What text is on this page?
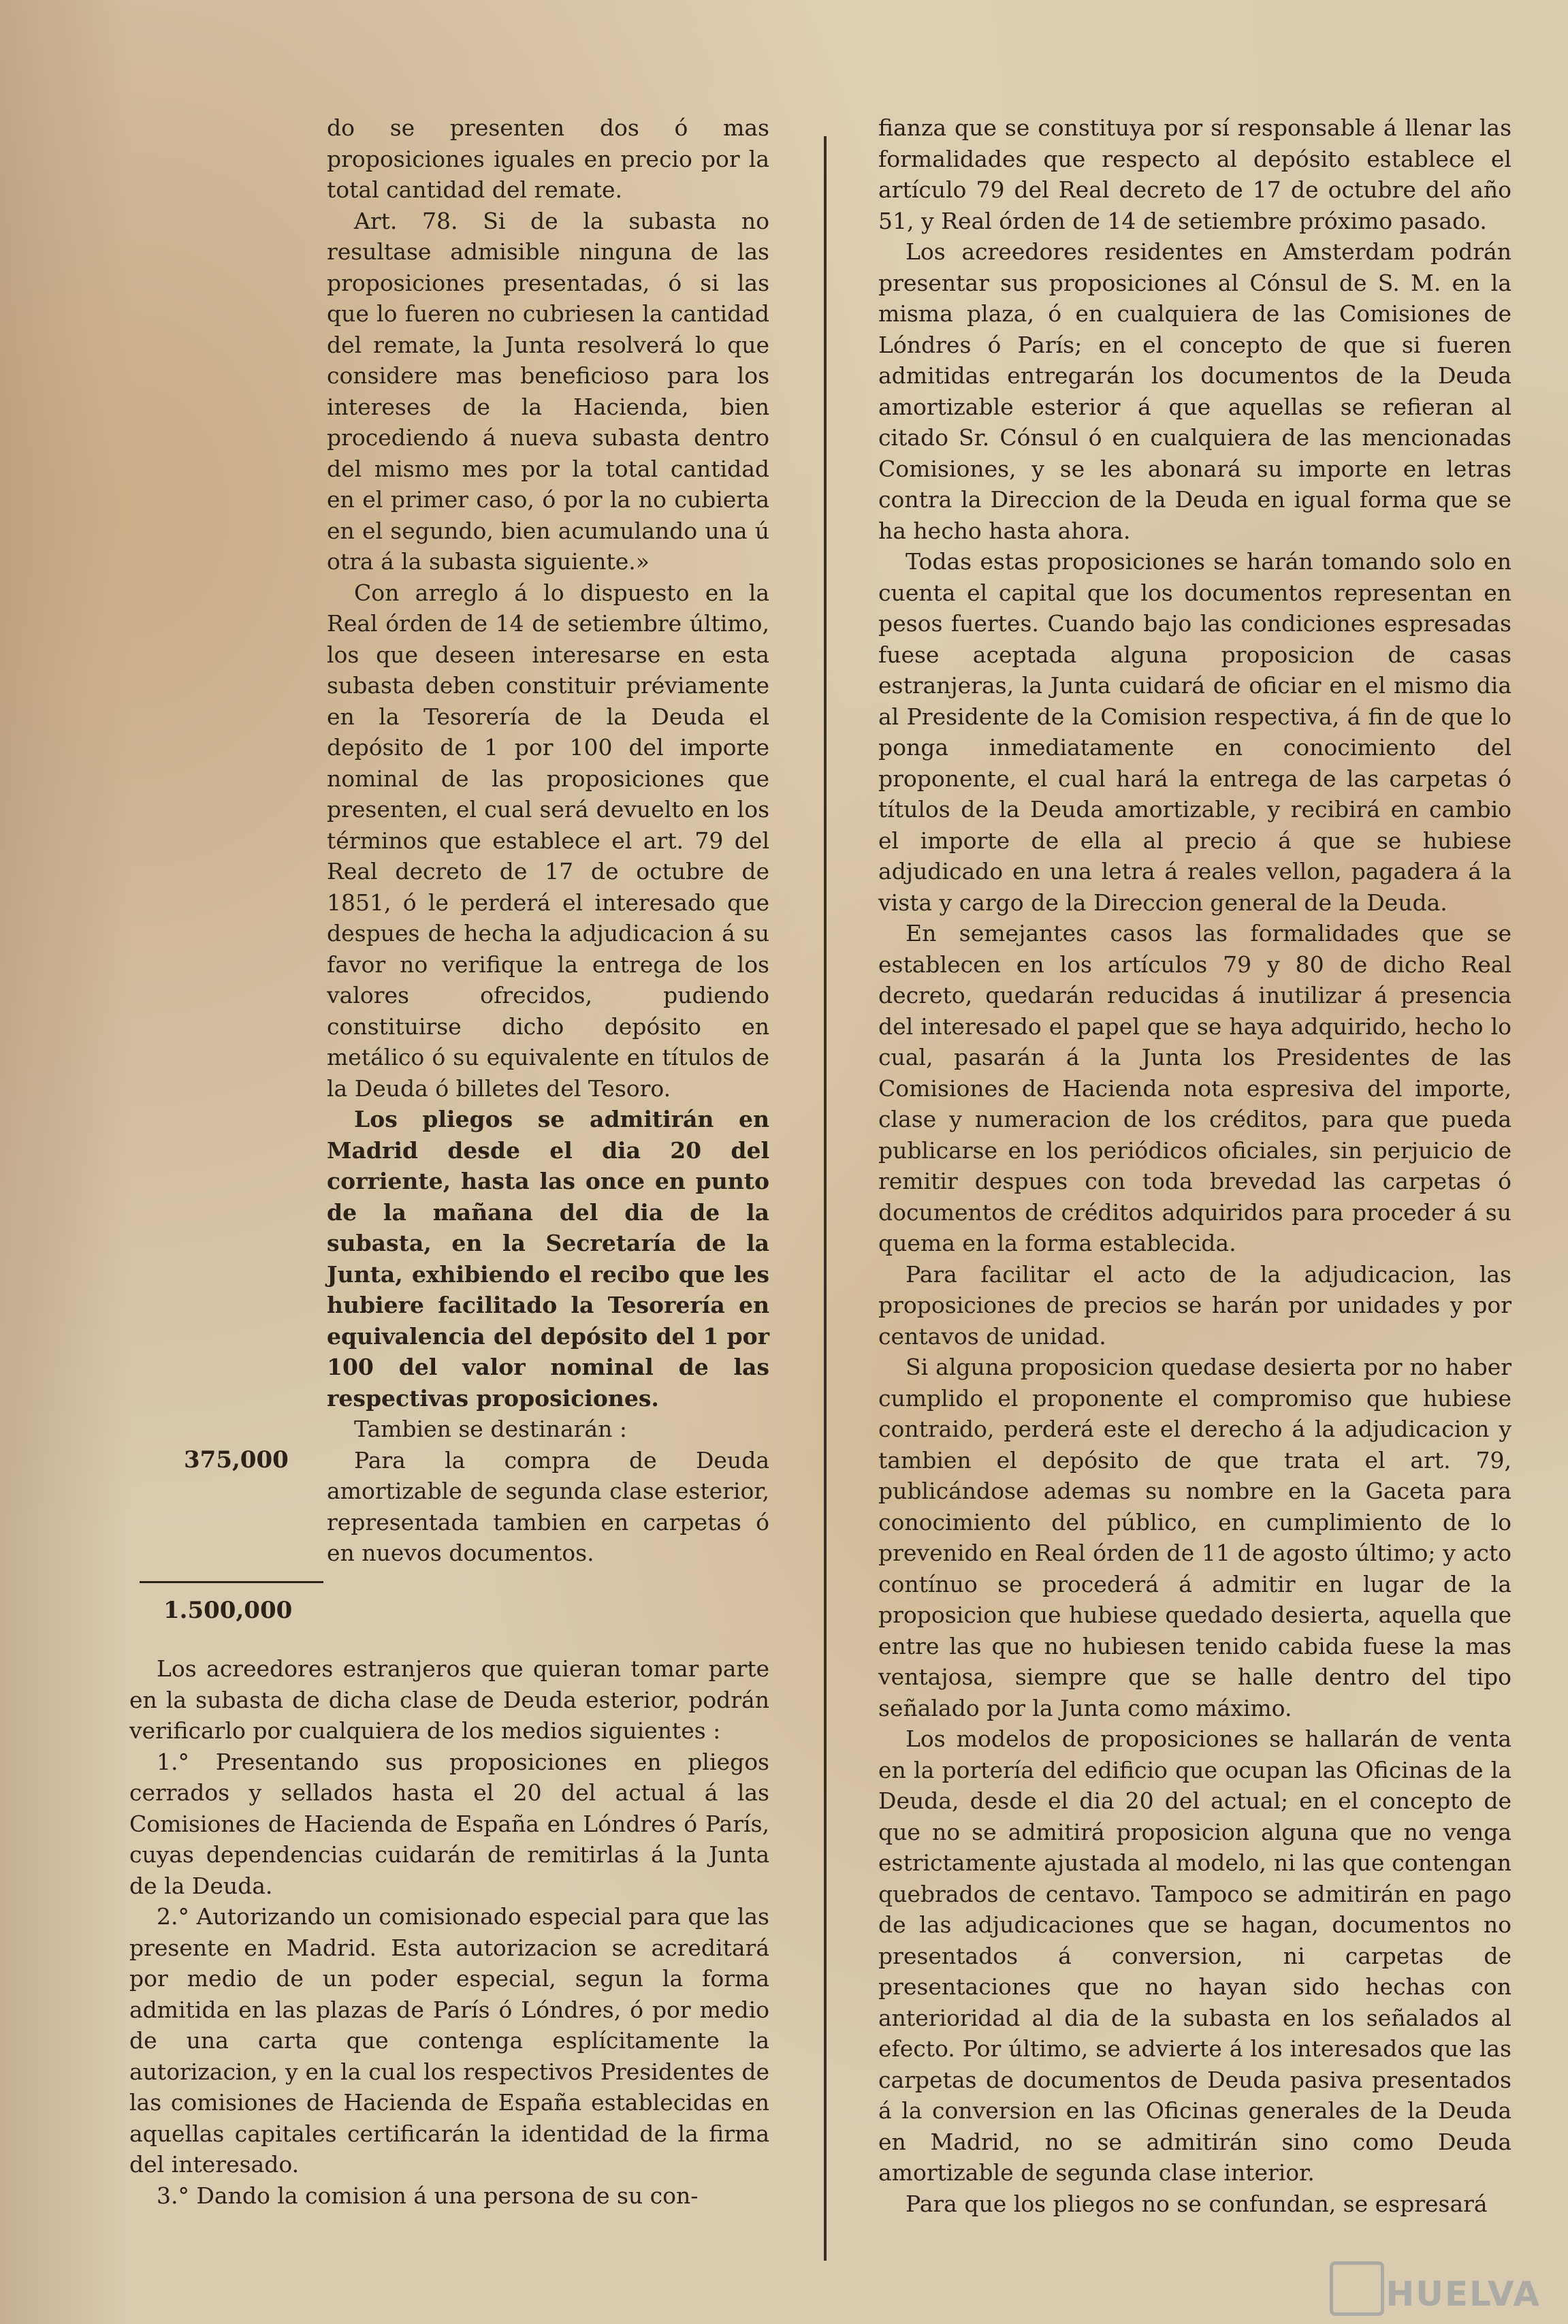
do se presenten dos ó mas proposiciones iguales en precio por la total cantidad del remate.

Art. 78. Si de la subasta no resultase admisible ninguna de las proposiciones presentadas, ó si las que lo fueren no cubriesen la cantidad del remate, la Junta resolverá lo que considere mas beneficioso para los intereses de la Hacienda, bien procediendo á nueva subasta dentro del mismo mes por la total cantidad en el primer caso, ó por la no cubierta en el segundo, bien acumulando una ú otra á la subasta siguiente.»

Con arreglo á lo dispuesto en la Real órden de 14 de setiembre último, los que deseen interesarse en esta subasta deben constituir préviamente en la Tesorería de la Deuda el depósito de 1 por 100 del importe nominal de las proposiciones que presenten, el cual será devuelto en los términos que establece el art. 79 del Real decreto de 17 de octubre de 1851, ó le perderá el interesado que despues de hecha la adjudicacion á su favor no verifique la entrega de los valores ofrecidos, pudiendo constituirse dicho depósito en metálico ó su equivalente en títulos de la Deuda ó billetes del Tesoro.

Los pliegos se admitirán en Madrid desde el dia 20 del corriente, hasta las once en punto de la mañana del dia de la subasta, en la Secretaría de la Junta, exhibiendo el recibo que les hubiere facilitado la Tesorería en equivalencia del depósito del 1 por 100 del valor nominal de las respectivas proposiciones.

Tambien se destinarán :

375,000	Para la compra de Deuda amortizable de segunda clase esterior, representada tambien en carpetas ó en nuevos documentos.

1.500,000

Los acreedores estranjeros que quieran tomar parte en la subasta de dicha clase de Deuda esterior, podrán verificarlo por cualquiera de los medios siguientes :

1.° Presentando sus proposiciones en pliegos cerrados y sellados hasta el 20 del actual á las Comisiones de Hacienda de España en Lóndres ó París, cuyas dependencias cuidarán de remitirlas á la Junta de la Deuda.

2.° Autorizando un comisionado especial para que las presente en Madrid. Esta autorizacion se acreditará por medio de un poder especial, segun la forma admitida en las plazas de París ó Lóndres, ó por medio de una carta que contenga esplícitamente la autorizacion, y en la cual los respectivos Presidentes de las comisiones de Hacienda de España establecidas en aquellas capitales certificarán la identidad de la firma del interesado.

3.° Dando la comision á una persona de su con-

fianza que se constituya por sí responsable á llenar las formalidades que respecto al depósito establece el artículo 79 del Real decreto de 17 de octubre del año 51, y Real órden de 14 de setiembre próximo pasado.

Los acreedores residentes en Amsterdam podrán presentar sus proposiciones al Cónsul de S. M. en la misma plaza, ó en cualquiera de las Comisiones de Lóndres ó París; en el concepto de que si fueren admitidas entregarán los documentos de la Deuda amortizable esterior á que aquellas se refieran al citado Sr. Cónsul ó en cualquiera de las mencionadas Comisiones, y se les abonará su importe en letras contra la Direccion de la Deuda en igual forma que se ha hecho hasta ahora.

Todas estas proposiciones se harán tomando solo en cuenta el capital que los documentos representan en pesos fuertes. Cuando bajo las condiciones espresadas fuese aceptada alguna proposicion de casas estranjeras, la Junta cuidará de oficiar en el mismo dia al Presidente de la Comision respectiva, á fin de que lo ponga inmediatamente en conocimiento del proponente, el cual hará la entrega de las carpetas ó títulos de la Deuda amortizable, y recibirá en cambio el importe de ella al precio á que se hubiese adjudicado en una letra á reales vellon, pagadera á la vista y cargo de la Direccion general de la Deuda.

En semejantes casos las formalidades que se establecen en los artículos 79 y 80 de dicho Real decreto, quedarán reducidas á inutilizar á presencia del interesado el papel que se haya adquirido, hecho lo cual, pasarán á la Junta los Presidentes de las Comisiones de Hacienda nota espresiva del importe, clase y numeracion de los créditos, para que pueda publicarse en los periódicos oficiales, sin perjuicio de remitir despues con toda brevedad las carpetas ó documentos de créditos adquiridos para proceder á su quema en la forma establecida.

Para facilitar el acto de la adjudicacion, las proposiciones de precios se harán por unidades y por centavos de unidad.

Si alguna proposicion quedase desierta por no haber cumplido el proponente el compromiso que hubiese contraido, perderá este el derecho á la adjudicacion y tambien el depósito de que trata el art. 79, publicándose ademas su nombre en la Gaceta para conocimiento del público, en cumplimiento de lo prevenido en Real órden de 11 de agosto último; y acto contínuo se procederá á admitir en lugar de la proposicion que hubiese quedado desierta, aquella que entre las que no hubiesen tenido cabida fuese la mas ventajosa, siempre que se halle dentro del tipo señalado por la Junta como máximo.

Los modelos de proposiciones se hallarán de venta en la portería del edificio que ocupan las Oficinas de la Deuda, desde el dia 20 del actual; en el concepto de que no se admitirá proposicion alguna que no venga estrictamente ajustada al modelo, ni las que contengan quebrados de centavo. Tampoco se admitirán en pago de las adjudicaciones que se hagan, documentos no presentados á conversion, ni carpetas de presentaciones que no hayan sido hechas con anterioridad al dia de la subasta en los señalados al efecto. Por último, se advierte á los interesados que las carpetas de documentos de Deuda pasiva presentados á la conversion en las Oficinas generales de la Deuda en Madrid, no se admitirán sino como Deuda amortizable de segunda clase interior.

Para que los pliegos no se confundan, se espresará

HUELVA
